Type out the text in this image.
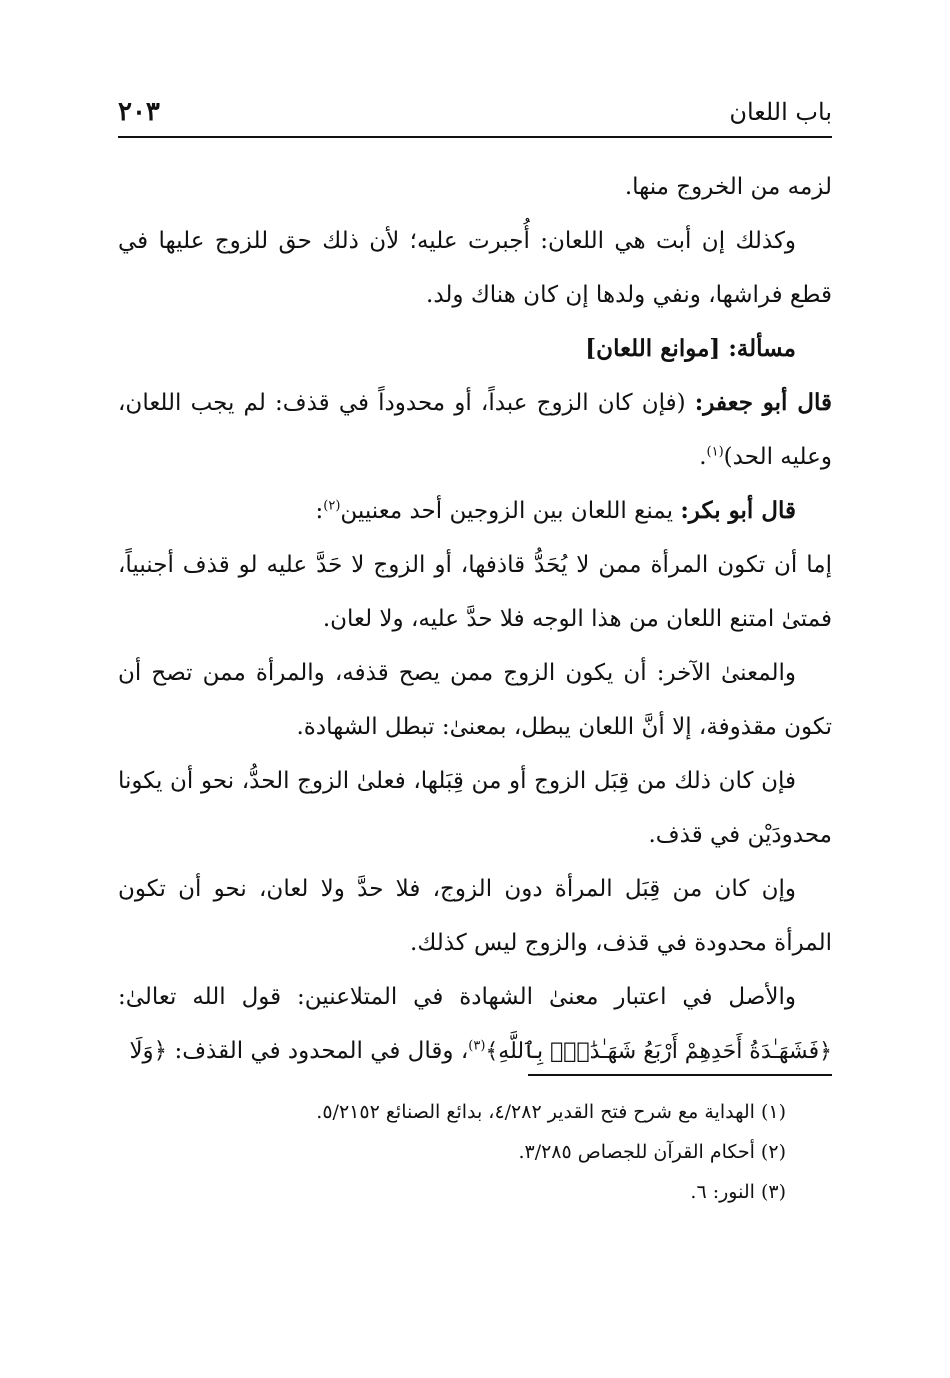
باب اللعان
٢٠٣

لزمه من الخروج منها.

وكذلك إن أبت هي اللعان: أُجبرت عليه؛ لأن ذلك حق للزوج عليها في قطع فراشها، ونفي ولدها إن كان هناك ولد.

مسألة: [موانع اللعان]

قال أبو جعفر: (فإن كان الزوج عبداً، أو محدوداً في قذف: لم يجب اللعان، وعليه الحد)$^{(١)}$.

قال أبو بكر: يمنع اللعان بين الزوجين أحد معنيين$^{(٢)}$:

إما أن تكون المرأة ممن لا يُحَدُّ قاذفها، أو الزوج لا حَدَّ عليه لو قذف أجنبياً، فمتىٰ امتنع اللعان من هذا الوجه فلا حدَّ عليه، ولا لعان.

والمعنىٰ الآخر: أن يكون الزوج ممن يصح قذفه، والمرأة ممن تصح أن تكون مقذوفة، إلا أنَّ اللعان يبطل، بمعنىٰ: تبطل الشهادة.

فإن كان ذلك من قِبَل الزوج أو من قِبَلها، فعلىٰ الزوج الحدُّ، نحو أن يكونا محدودَيْن في قذف.

وإن كان من قِبَل المرأة دون الزوج، فلا حدَّ ولا لعان، نحو أن تكون المرأة محدودة في قذف، والزوج ليس كذلك.

والأصل في اعتبار معنىٰ الشهادة في المتلاعنين: قول الله تعالىٰ: ﴿فَشَهَـٰدَةُ أَحَدِهِمْ أَرْبَعُ شَهَـٰدَٰتٍۭ بِٱللَّهِ﴾$^{(٣)}$، وقال في المحدود في القذف: ﴿وَلَا

(١) الهداية مع شرح فتح القدير ٤/٢٨٢، بدائع الصنائع ٥/٢١٥٢.
(٢) أحكام القرآن للجصاص ٣/٢٨٥.
(٣) النور: ٦.
